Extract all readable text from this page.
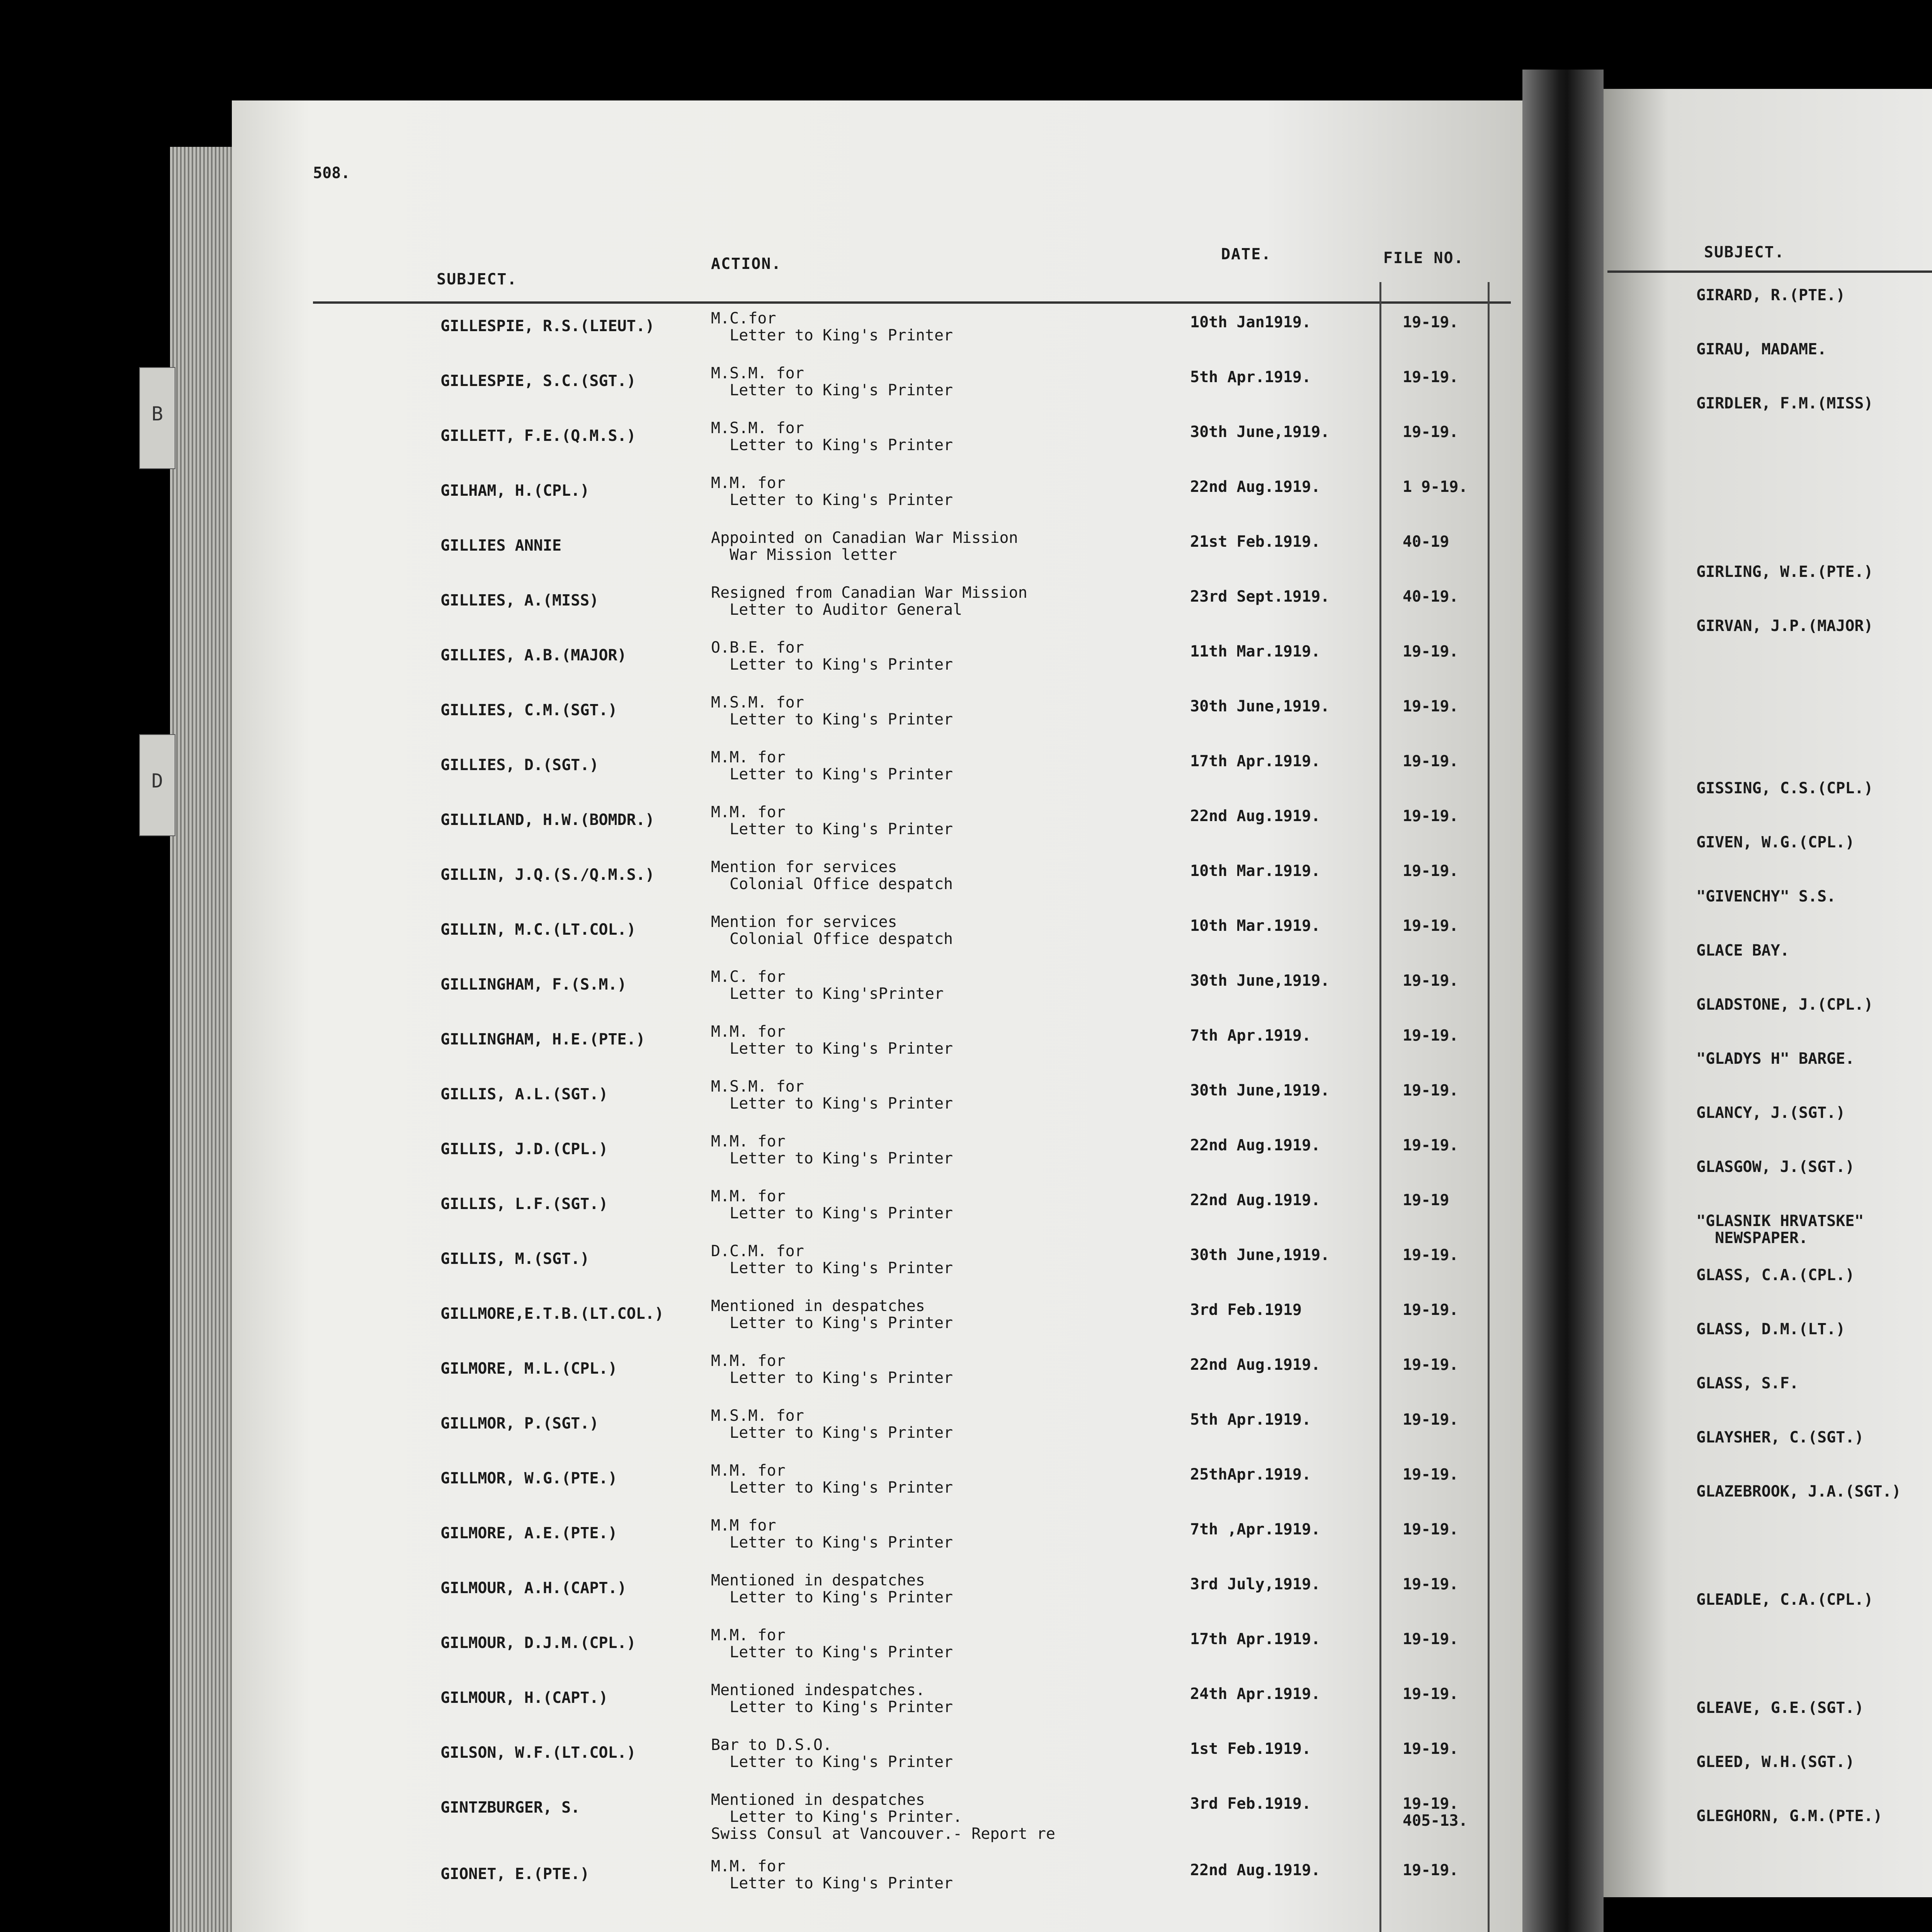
B
D
508.
SUBJECT.
ACTION.
DATE.	FILE NO.
GILLESPIE, R.S.(LIEUT.)	M.C.for
Letter to King's Printer
10th Jan1919.	19-19.
GILLESPIE, S.C.(SGT.)	M.S.M. for
Letter to King's Printer
5th Apr.1919.	19-19.
GILLETT, F.E.(Q.M.S.)	M.S.M. for
Letter to King's Printer
30th June,1919.	19-19.
GILHAM, H.(CPL.)	M.M. for
Letter to King's Printer
22nd Aug.1919.	1 9-19.
GILLIES ANNIE	Appointed on Canadian War Mission
War Mission letter
21st Feb.1919.	40-19
GILLIES, A.(MISS)	Resigned from Canadian War Mission
Letter to Auditor General
23rd Sept.1919.	40-19.
GILLIES, A.B.(MAJOR)	O.B.E. for
Letter to King's Printer
11th Mar.1919.	19-19.
GILLIES, C.M.(SGT.)	M.S.M. for
Letter to King's Printer
30th June,1919.	19-19.
GILLIES, D.(SGT.)	M.M. for
Letter to King's Printer
17th Apr.1919.	19-19.
GILLILAND, H.W.(BOMDR.)	M.M. for
Letter to King's Printer
22nd Aug.1919.	19-19.
GILLIN, J.Q.(S./Q.M.S.)	Mention for services
Colonial Office despatch
10th Mar.1919.	19-19.
GILLIN, M.C.(LT.COL.)	Mention for services
Colonial Office despatch
10th Mar.1919.	19-19.
GILLINGHAM, F.(S.M.)	M.C. for
Letter to King'sPrinter
30th June,1919.	19-19.
GILLINGHAM, H.E.(PTE.)	M.M. for
Letter to King's Printer
7th Apr.1919.	19-19.
GILLIS, A.L.(SGT.)	M.S.M. for
Letter to King's Printer
30th June,1919.	19-19.
GILLIS, J.D.(CPL.)	M.M. for
Letter to King's Printer
22nd Aug.1919.	19-19.
GILLIS, L.F.(SGT.)	M.M. for
Letter to King's Printer
22nd Aug.1919.	19-19
GILLIS, M.(SGT.)	D.C.M. for
Letter to King's Printer
30th June,1919.	19-19.
GILLMORE,E.T.B.(LT.COL.)	Mentioned in despatches
Letter to King's Printer
3rd Feb.1919	19-19.
GILMORE, M.L.(CPL.)	M.M. for
Letter to King's Printer
22nd Aug.1919.	19-19.
GILLMOR, P.(SGT.)	M.S.M. for
Letter to King's Printer
5th Apr.1919.	19-19.
GILLMOR, W.G.(PTE.)	M.M. for
Letter to King's Printer
25thApr.1919.	19-19.
GILMORE, A.E.(PTE.)	M.M for
Letter to King's Printer
7th ,Apr.1919.	19-19.
GILMOUR, A.H.(CAPT.)	Mentioned in despatches
Letter to King's Printer
3rd July,1919.	19-19.
GILMOUR, D.J.M.(CPL.)	M.M. for
Letter to King's Printer
17th Apr.1919.	19-19.
GILMOUR, H.(CAPT.)	Mentioned indespatches.
Letter to King's Printer
24th Apr.1919.	19-19.
GILSON, W.F.(LT.COL.)	Bar to D.S.O.
Letter to King's Printer
1st Feb.1919.	19-19.
GINTZBURGER, S.	Mentioned in despatches
Letter to King's Printer.
Swiss Consul at Vancouver.- Report re
3rd Feb.1919.	19-19.
405-13.
GIONET, E.(PTE.)	M.M. for
Letter to King's Printer
22nd Aug.1919.	19-19.
SUBJECT.
GIRARD, R.(PTE.)
GIRAU, MADAME.
GIRDLER, F.M.(MISS)
GIRLING, W.E.(PTE.)
GIRVAN, J.P.(MAJOR)
GISSING, C.S.(CPL.)
GIVEN, W.G.(CPL.)
"GIVENCHY" S.S.
GLACE BAY.
GLADSTONE, J.(CPL.)
"GLADYS H" BARGE.
GLANCY, J.(SGT.)
GLASGOW, J.(SGT.)
"GLASNIK HRVATSKE"
NEWSPAPER.
GLASS, C.A.(CPL.)
GLASS, D.M.(LT.)
GLASS, S.F.
GLAYSHER, C.(SGT.)
GLAZEBROOK, J.A.(SGT.)
GLEADLE, C.A.(CPL.)
GLEAVE, G.E.(SGT.)
GLEED, W.H.(SGT.)
GLEGHORN, G.M.(PTE.)
